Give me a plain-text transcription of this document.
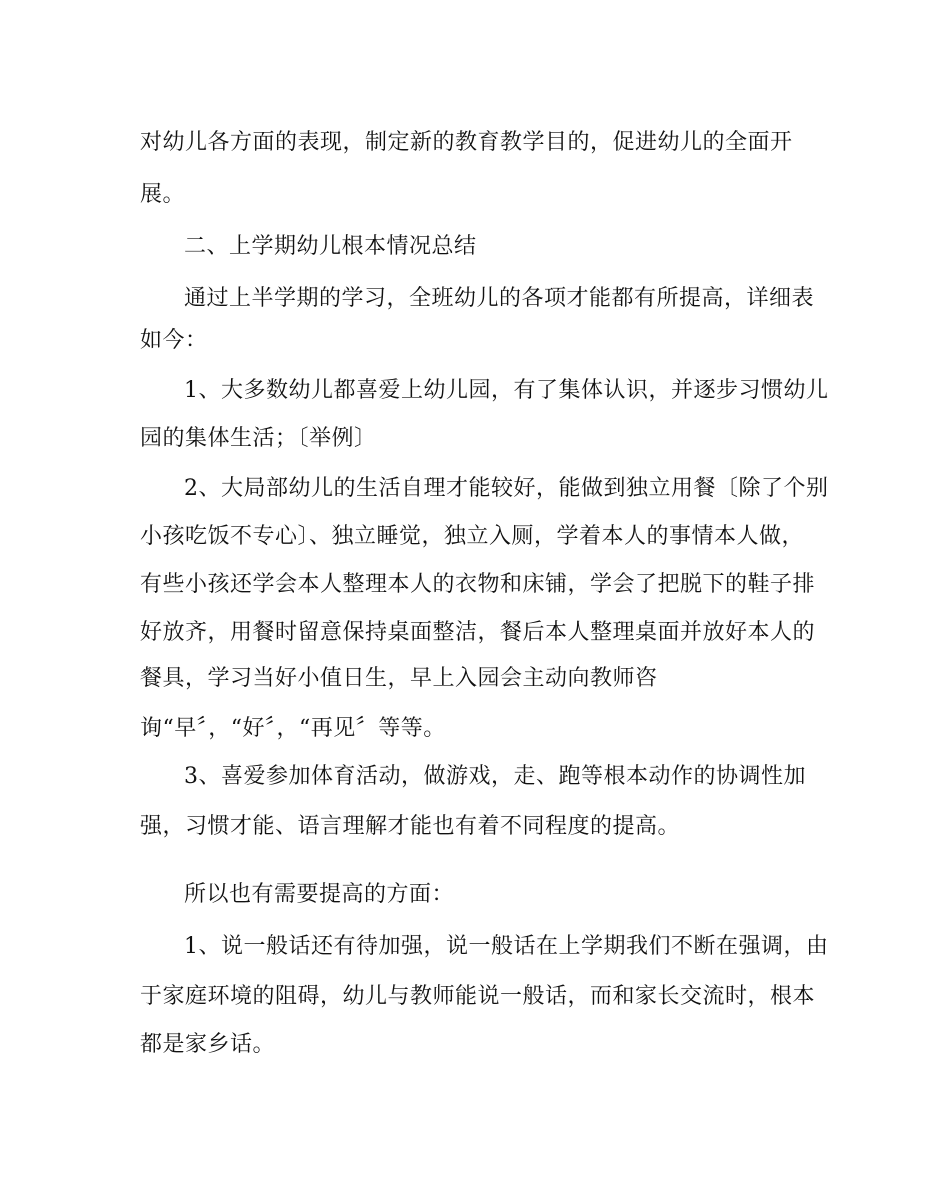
对幼儿各方面的表现，制定新的教育教学目的，促进幼儿的全面开
展。
二、上学期幼儿根本情况总结
通过上半学期的学习，全班幼儿的各项才能都有所提高，详细表
如今：
1、大多数幼儿都喜爱上幼儿园，有了集体认识，并逐步习惯幼儿
园的集体生活；〔举例〕
2、大局部幼儿的生活自理才能较好，能做到独立用餐〔除了个别
小孩吃饭不专心〕、独立睡觉，独立入厕，学着本人的事情本人做，
有些小孩还学会本人整理本人的衣物和床铺，学会了把脱下的鞋子排
好放齐，用餐时留意保持桌面整洁，餐后本人整理桌面并放好本人的
餐具，学习当好小值日生，早上入园会主动向教师咨
询“早〞，“好〞，“再见〞等等。
3、喜爱参加体育活动，做游戏，走、跑等根本动作的协调性加
强，习惯才能、语言理解才能也有着不同程度的提高。
所以也有需要提高的方面：
1、说一般话还有待加强，说一般话在上学期我们不断在强调，由
于家庭环境的阻碍，幼儿与教师能说一般话，而和家长交流时，根本
都是家乡话。
